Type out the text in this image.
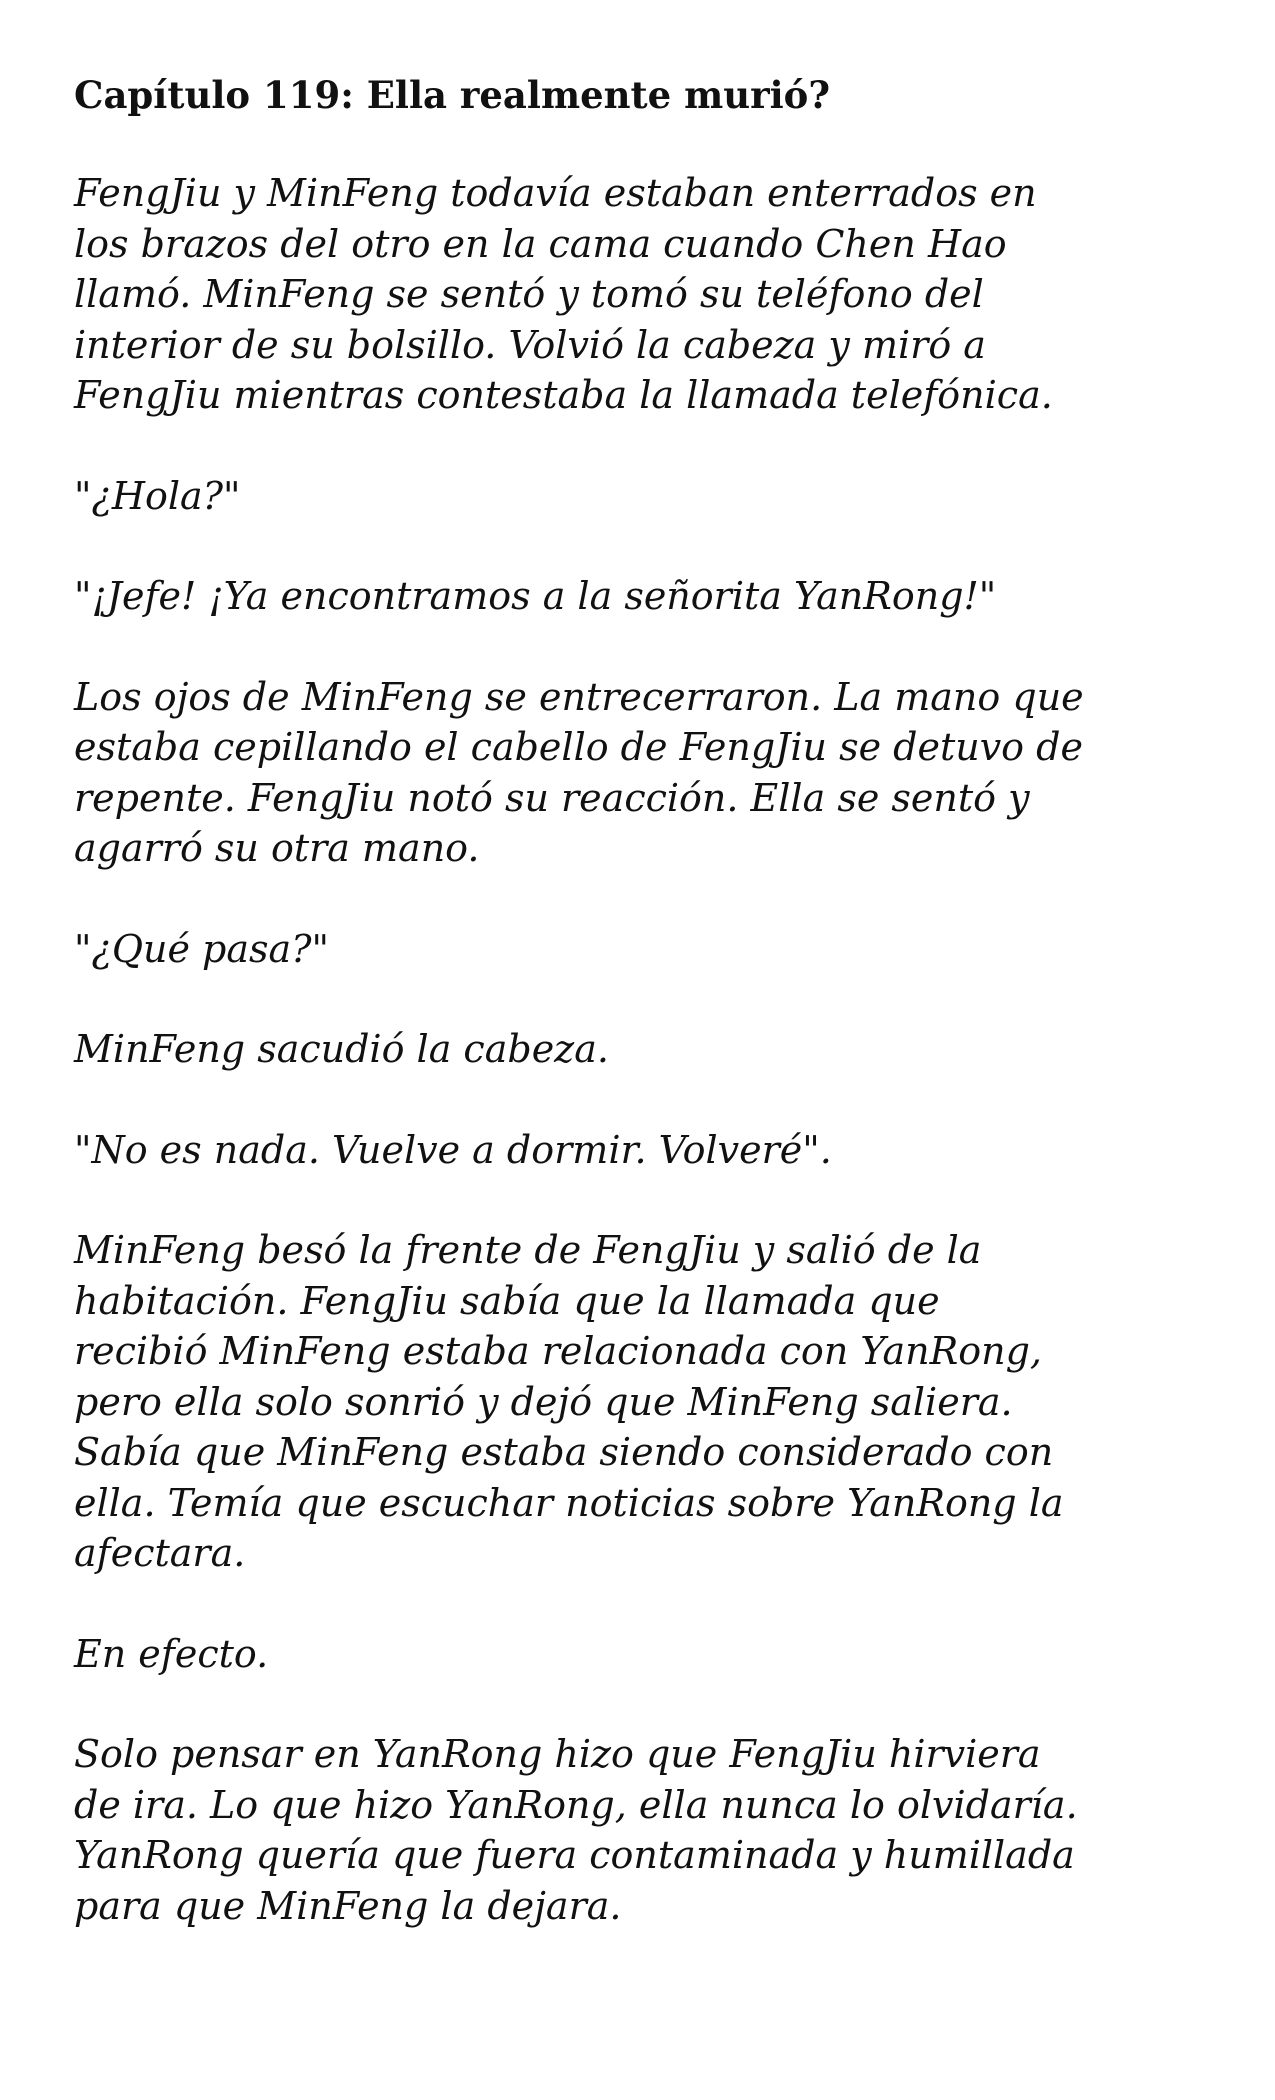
Capítulo 119: Ella realmente murió?

FengJiu y MinFeng todavía estaban enterrados en
los brazos del otro en la cama cuando Chen Hao
llamó. MinFeng se sentó y tomó su teléfono del
interior de su bolsillo. Volvió la cabeza y miró a
FengJiu mientras contestaba la llamada telefónica.

"¿Hola?"

"¡Jefe! ¡Ya encontramos a la señorita YanRong!"

Los ojos de MinFeng se entrecerraron. La mano que
estaba cepillando el cabello de FengJiu se detuvo de
repente. FengJiu notó su reacción. Ella se sentó y
agarró su otra mano.

"¿Qué pasa?"

MinFeng sacudió la cabeza.

"No es nada. Vuelve a dormir. Volveré".

MinFeng besó la frente de FengJiu y salió de la
habitación. FengJiu sabía que la llamada que
recibió MinFeng estaba relacionada con YanRong,
pero ella solo sonrió y dejó que MinFeng saliera.
Sabía que MinFeng estaba siendo considerado con
ella. Temía que escuchar noticias sobre YanRong la
afectara.

En efecto.

Solo pensar en YanRong hizo que FengJiu hirviera
de ira. Lo que hizo YanRong, ella nunca lo olvidaría.
YanRong quería que fuera contaminada y humillada
para que MinFeng la dejara.
